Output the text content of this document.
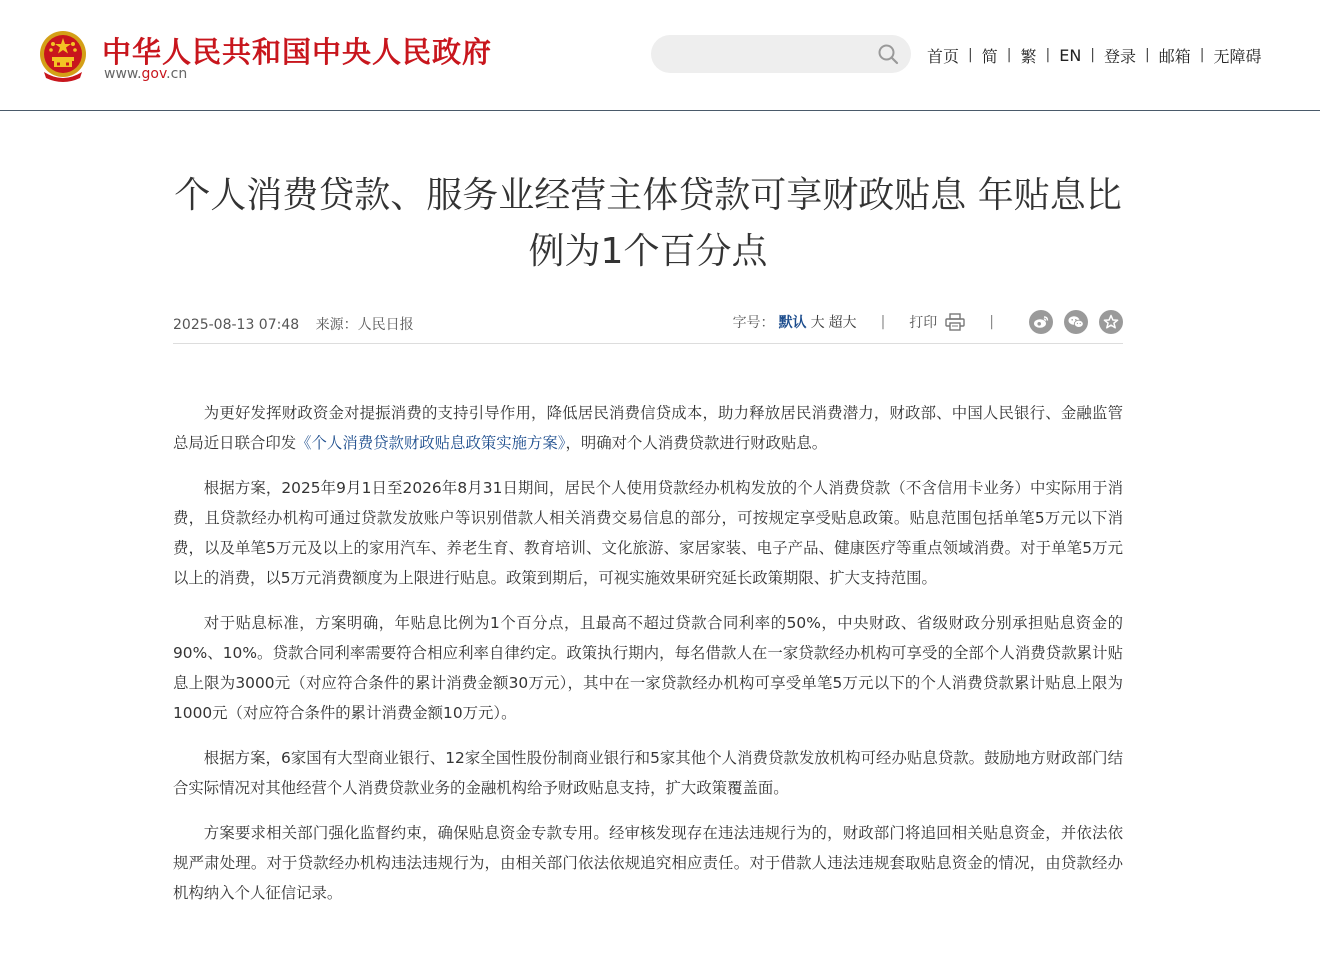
中华人民共和国中央人民政府
www.gov.cn
首页 | 简 | 繁 | EN | 登录 | 邮箱 | 无障碍
个人消费贷款、服务业经营主体贷款可享财政贴息 年贴息比例为1个百分点
2025-08-13 07:48 来源：人民日报	字号： 默认 大 超大 | 打印	|

为更好发挥财政资金对提振消费的支持引导作用，降低居民消费信贷成本，助力释放居民消费潜力，财政部、中国人民银行、金融监管总局近日联合印发《个人消费贷款财政贴息政策实施方案》，明确对个人消费贷款进行财政贴息。

根据方案，2025年9月1日至2026年8月31日期间，居民个人使用贷款经办机构发放的个人消费贷款（不含信用卡业务）中实际用于消费，且贷款经办机构可通过贷款发放账户等识别借款人相关消费交易信息的部分，可按规定享受贴息政策。贴息范围包括单笔5万元以下消费，以及单笔5万元及以上的家用汽车、养老生育、教育培训、文化旅游、家居家装、电子产品、健康医疗等重点领域消费。对于单笔5万元以上的消费，以5万元消费额度为上限进行贴息。政策到期后，可视实施效果研究延长政策期限、扩大支持范围。

对于贴息标准，方案明确，年贴息比例为1个百分点，且最高不超过贷款合同利率的50%，中央财政、省级财政分别承担贴息资金的90%、10%。贷款合同利率需要符合相应利率自律约定。政策执行期内，每名借款人在一家贷款经办机构可享受的全部个人消费贷款累计贴息上限为3000元（对应符合条件的累计消费金额30万元），其中在一家贷款经办机构可享受单笔5万元以下的个人消费贷款累计贴息上限为1000元（对应符合条件的累计消费金额10万元）。

根据方案，6家国有大型商业银行、12家全国性股份制商业银行和5家其他个人消费贷款发放机构可经办贴息贷款。鼓励地方财政部门结合实际情况对其他经营个人消费贷款业务的金融机构给予财政贴息支持，扩大政策覆盖面。

方案要求相关部门强化监督约束，确保贴息资金专款专用。经审核发现存在违法违规行为的，财政部门将追回相关贴息资金，并依法依规严肃处理。对于贷款经办机构违法违规行为，由相关部门依法依规追究相应责任。对于借款人违法违规套取贴息资金的情况，由贷款经办机构纳入个人征信记录。
